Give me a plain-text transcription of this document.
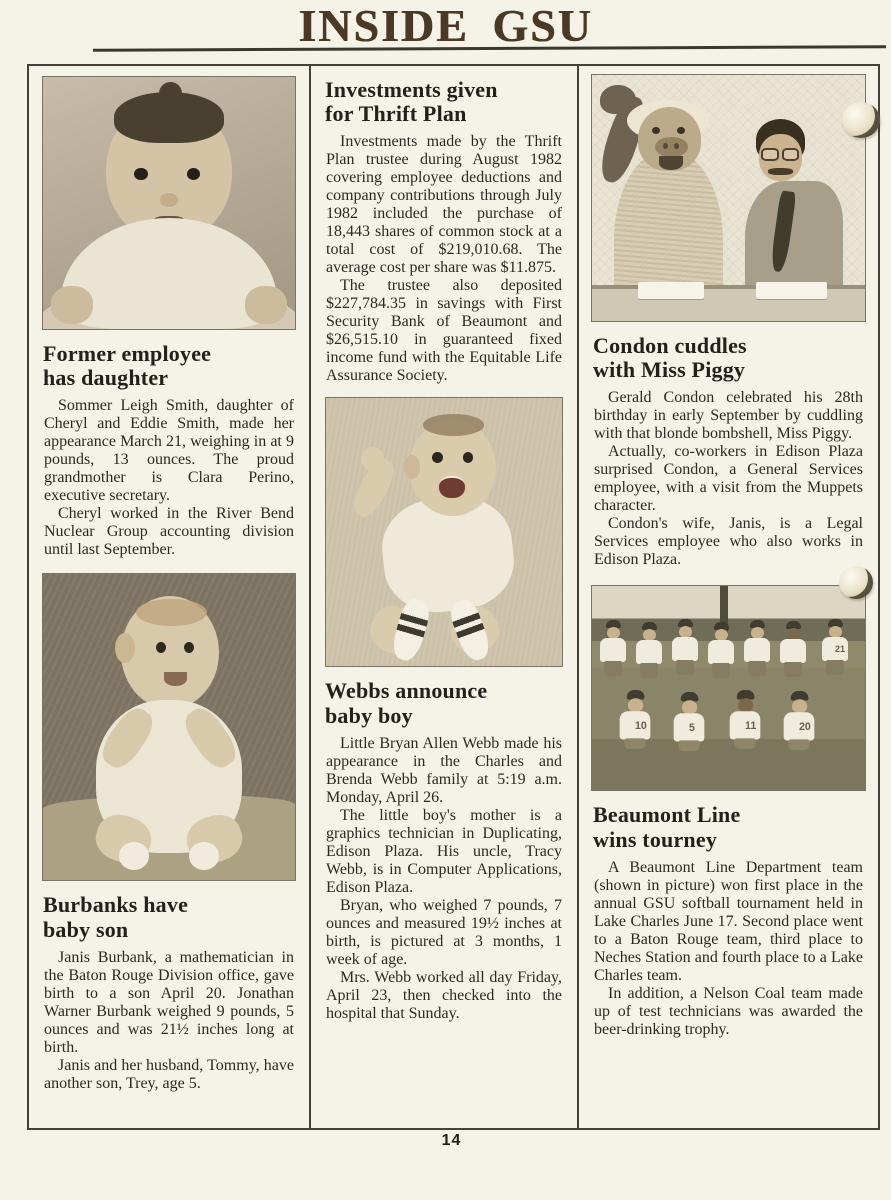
INSIDE GSU
Former employee
has daughter

Sommer Leigh Smith, daughter of Cheryl and Eddie Smith, made her appearance March 21, weighing in at 9 pounds, 13 ounces. The proud grandmother is Clara Perino, executive secretary.

Cheryl worked in the River Bend Nuclear Group accounting division until last September.

Burbanks have
baby son

Janis Burbank, a mathematician in the Baton Rouge Division office, gave birth to a son April 20. Jonathan Warner Burbank weighed 9 pounds, 5 ounces and was 21½ inches long at birth.

Janis and her husband, Tommy, have another son, Trey, age 5.

Investments given
for Thrift Plan

Investments made by the Thrift Plan trustee during August 1982 covering employee deductions and company contributions through July 1982 included the purchase of 18,443 shares of common stock at a total cost of $219,010.68. The average cost per share was $11.875.

The trustee also deposited $227,784.35 in savings with First Security Bank of Beaumont and $26,515.10 in guaranteed fixed income fund with the Equitable Life Assurance Society.

Webbs announce
baby boy

Little Bryan Allen Webb made his appearance in the Charles and Brenda Webb family at 5:19 a.m. Monday, April 26.

The little boy's mother is a graphics technician in Duplicating, Edison Plaza. His uncle, Tracy Webb, is in Computer Applications, Edison Plaza.

Bryan, who weighed 7 pounds, 7 ounces and measured 19½ inches at birth, is pictured at 3 months, 1 week of age.

Mrs. Webb worked all day Friday, April 23, then checked into the hospital that Sunday.

Condon cuddles
with Miss Piggy

Gerald Condon celebrated his 28th birthday in early September by cuddling with that blonde bombshell, Miss Piggy.

Actually, co-workers in Edison Plaza surprised Condon, a General Services employee, with a visit from the Muppets character.

Condon's wife, Janis, is a Legal Services employee who also works in Edison Plaza.

21
10	5	11	20
Beaumont Line
wins tourney

A Beaumont Line Department team (shown in picture) won first place in the annual GSU softball tournament held in Lake Charles June 17. Second place went to a Baton Rouge team, third place to Neches Station and fourth place to a Lake Charles team.

In addition, a Nelson Coal team made up of test technicians was awarded the beer-drinking trophy.

14
